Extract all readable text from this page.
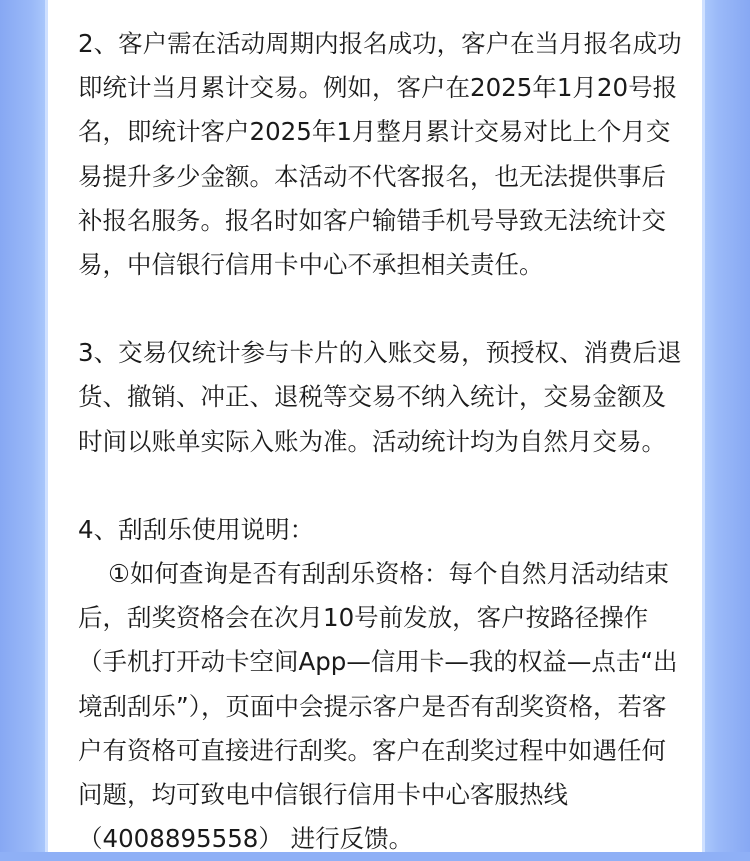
2、客户需在活动周期内报名成功，客户在当月报名成功即统计当月累计交易。例如，客户在2025年1月20号报名，即统计客户2025年1月整月累计交易对比上个月交易提升多少金额。本活动不代客报名，也无法提供事后补报名服务。报名时如客户输错手机号导致无法统计交易，中信银行信用卡中心不承担相关责任。

3、交易仅统计参与卡片的入账交易，预授权、消费后退货、撤销、冲正、退税等交易不纳入统计，交易金额及时间以账单实际入账为准。活动统计均为自然月交易。

4、刮刮乐使用说明：

①如何查询是否有刮刮乐资格：每个自然月活动结束后，刮奖资格会在次月10号前发放，客户按路径操作（手机打开动卡空间App—信用卡—我的权益—点击“出境刮刮乐”），页面中会提示客户是否有刮奖资格，若客户有资格可直接进行刮奖。客户在刮奖过程中如遇任何问题，均可致电中信银行信用卡中心客服热线（4008895558） 进行反馈。
